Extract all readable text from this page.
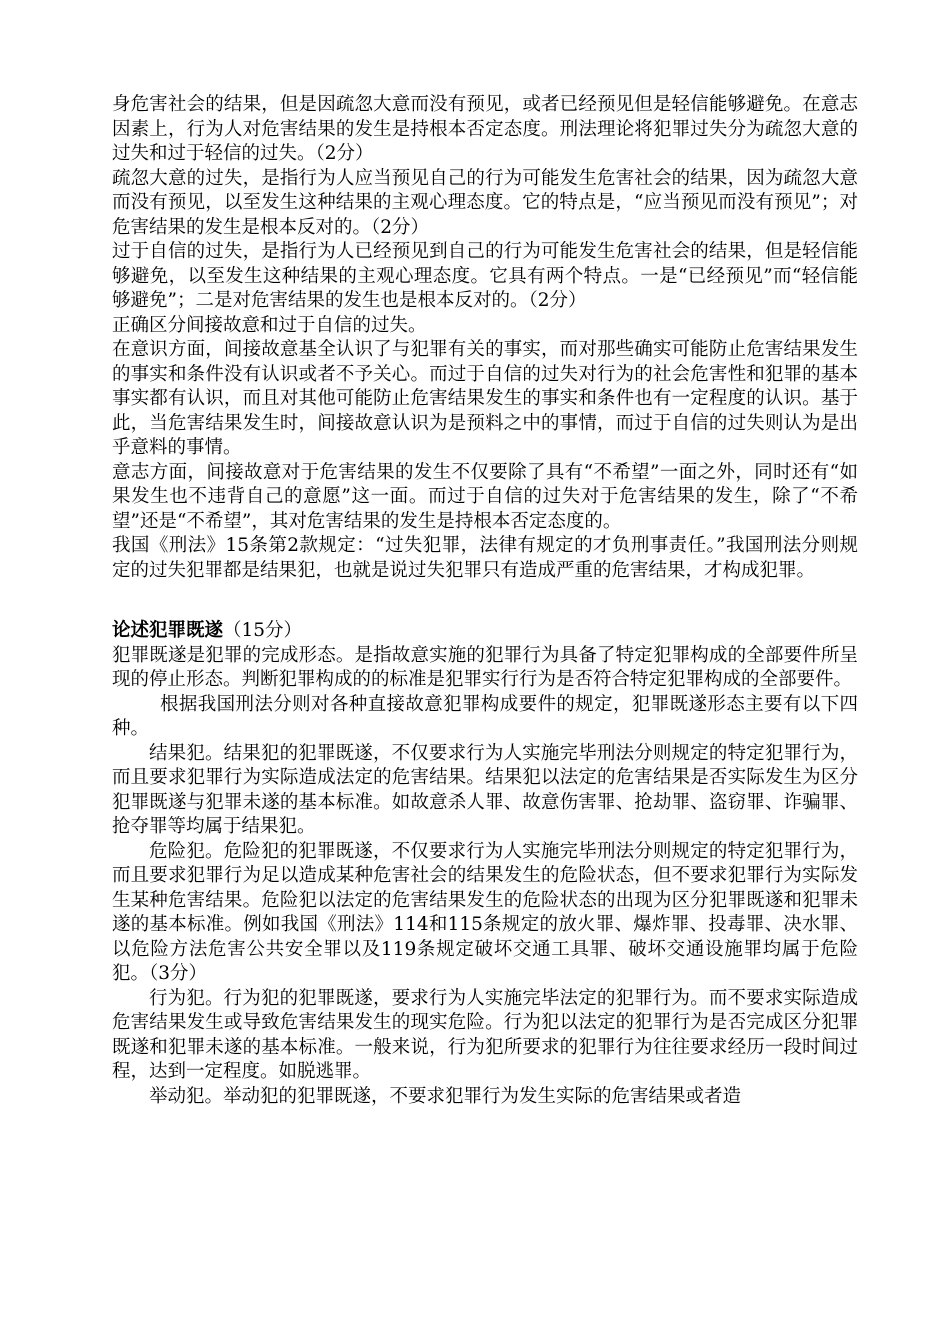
身危害社会的结果，但是因疏忽大意而没有预见，或者已经预见但是轻信能够避免。在意志因素上，行为人对危害结果的发生是持根本否定态度。刑法理论将犯罪过失分为疏忽大意的过失和过于轻信的过失。（2分）

疏忽大意的过失，是指行为人应当预见自己的行为可能发生危害社会的结果，因为疏忽大意而没有预见，以至发生这种结果的主观心理态度。它的特点是，“应当预见而没有预见”；对危害结果的发生是根本反对的。（2分）

过于自信的过失，是指行为人已经预见到自己的行为可能发生危害社会的结果，但是轻信能够避免，以至发生这种结果的主观心理态度。它具有两个特点。一是“已经预见”而“轻信能够避免”；二是对危害结果的发生也是根本反对的。（2分）

正确区分间接故意和过于自信的过失。

在意识方面，间接故意基全认识了与犯罪有关的事实，而对那些确实可能防止危害结果发生的事实和条件没有认识或者不予关心。而过于自信的过失对行为的社会危害性和犯罪的基本事实都有认识，而且对其他可能防止危害结果发生的事实和条件也有一定程度的认识。基于此，当危害结果发生时，间接故意认识为是预料之中的事情，而过于自信的过失则认为是出乎意料的事情。

意志方面，间接故意对于危害结果的发生不仅要除了具有“不希望”一面之外，同时还有“如果发生也不违背自己的意愿”这一面。而过于自信的过失对于危害结果的发生，除了“不希望”还是“不希望”，其对危害结果的发生是持根本否定态度的。

我国《刑法》15条第2款规定：“过失犯罪，法律有规定的才负刑事责任。”我国刑法分则规定的过失犯罪都是结果犯，也就是说过失犯罪只有造成严重的危害结果，才构成犯罪。

论述犯罪既遂（15分）

犯罪既遂是犯罪的完成形态。是指故意实施的犯罪行为具备了特定犯罪构成的全部要件所呈现的停止形态。判断犯罪构成的的标准是犯罪实行行为是否符合特定犯罪构成的全部要件。

根据我国刑法分则对各种直接故意犯罪构成要件的规定，犯罪既遂形态主要有以下四种。

结果犯。结果犯的犯罪既遂，不仅要求行为人实施完毕刑法分则规定的特定犯罪行为，而且要求犯罪行为实际造成法定的危害结果。结果犯以法定的危害结果是否实际发生为区分犯罪既遂与犯罪未遂的基本标准。如故意杀人罪、故意伤害罪、抢劫罪、盗窃罪、诈骗罪、抢夺罪等均属于结果犯。

危险犯。危险犯的犯罪既遂，不仅要求行为人实施完毕刑法分则规定的特定犯罪行为，而且要求犯罪行为足以造成某种危害社会的结果发生的危险状态，但不要求犯罪行为实际发生某种危害结果。危险犯以法定的危害结果发生的危险状态的出现为区分犯罪既遂和犯罪未遂的基本标准。例如我国《刑法》114和115条规定的放火罪、爆炸罪、投毒罪、决水罪、以危险方法危害公共安全罪以及119条规定破坏交通工具罪、破坏交通设施罪均属于危险犯。（3分）

行为犯。行为犯的犯罪既遂，要求行为人实施完毕法定的犯罪行为。而不要求实际造成危害结果发生或导致危害结果发生的现实危险。行为犯以法定的犯罪行为是否完成区分犯罪既遂和犯罪未遂的基本标准。一般来说，行为犯所要求的犯罪行为往往要求经历一段时间过程，达到一定程度。如脱逃罪。

举动犯。举动犯的犯罪既遂，不要求犯罪行为发生实际的危害结果或者造
